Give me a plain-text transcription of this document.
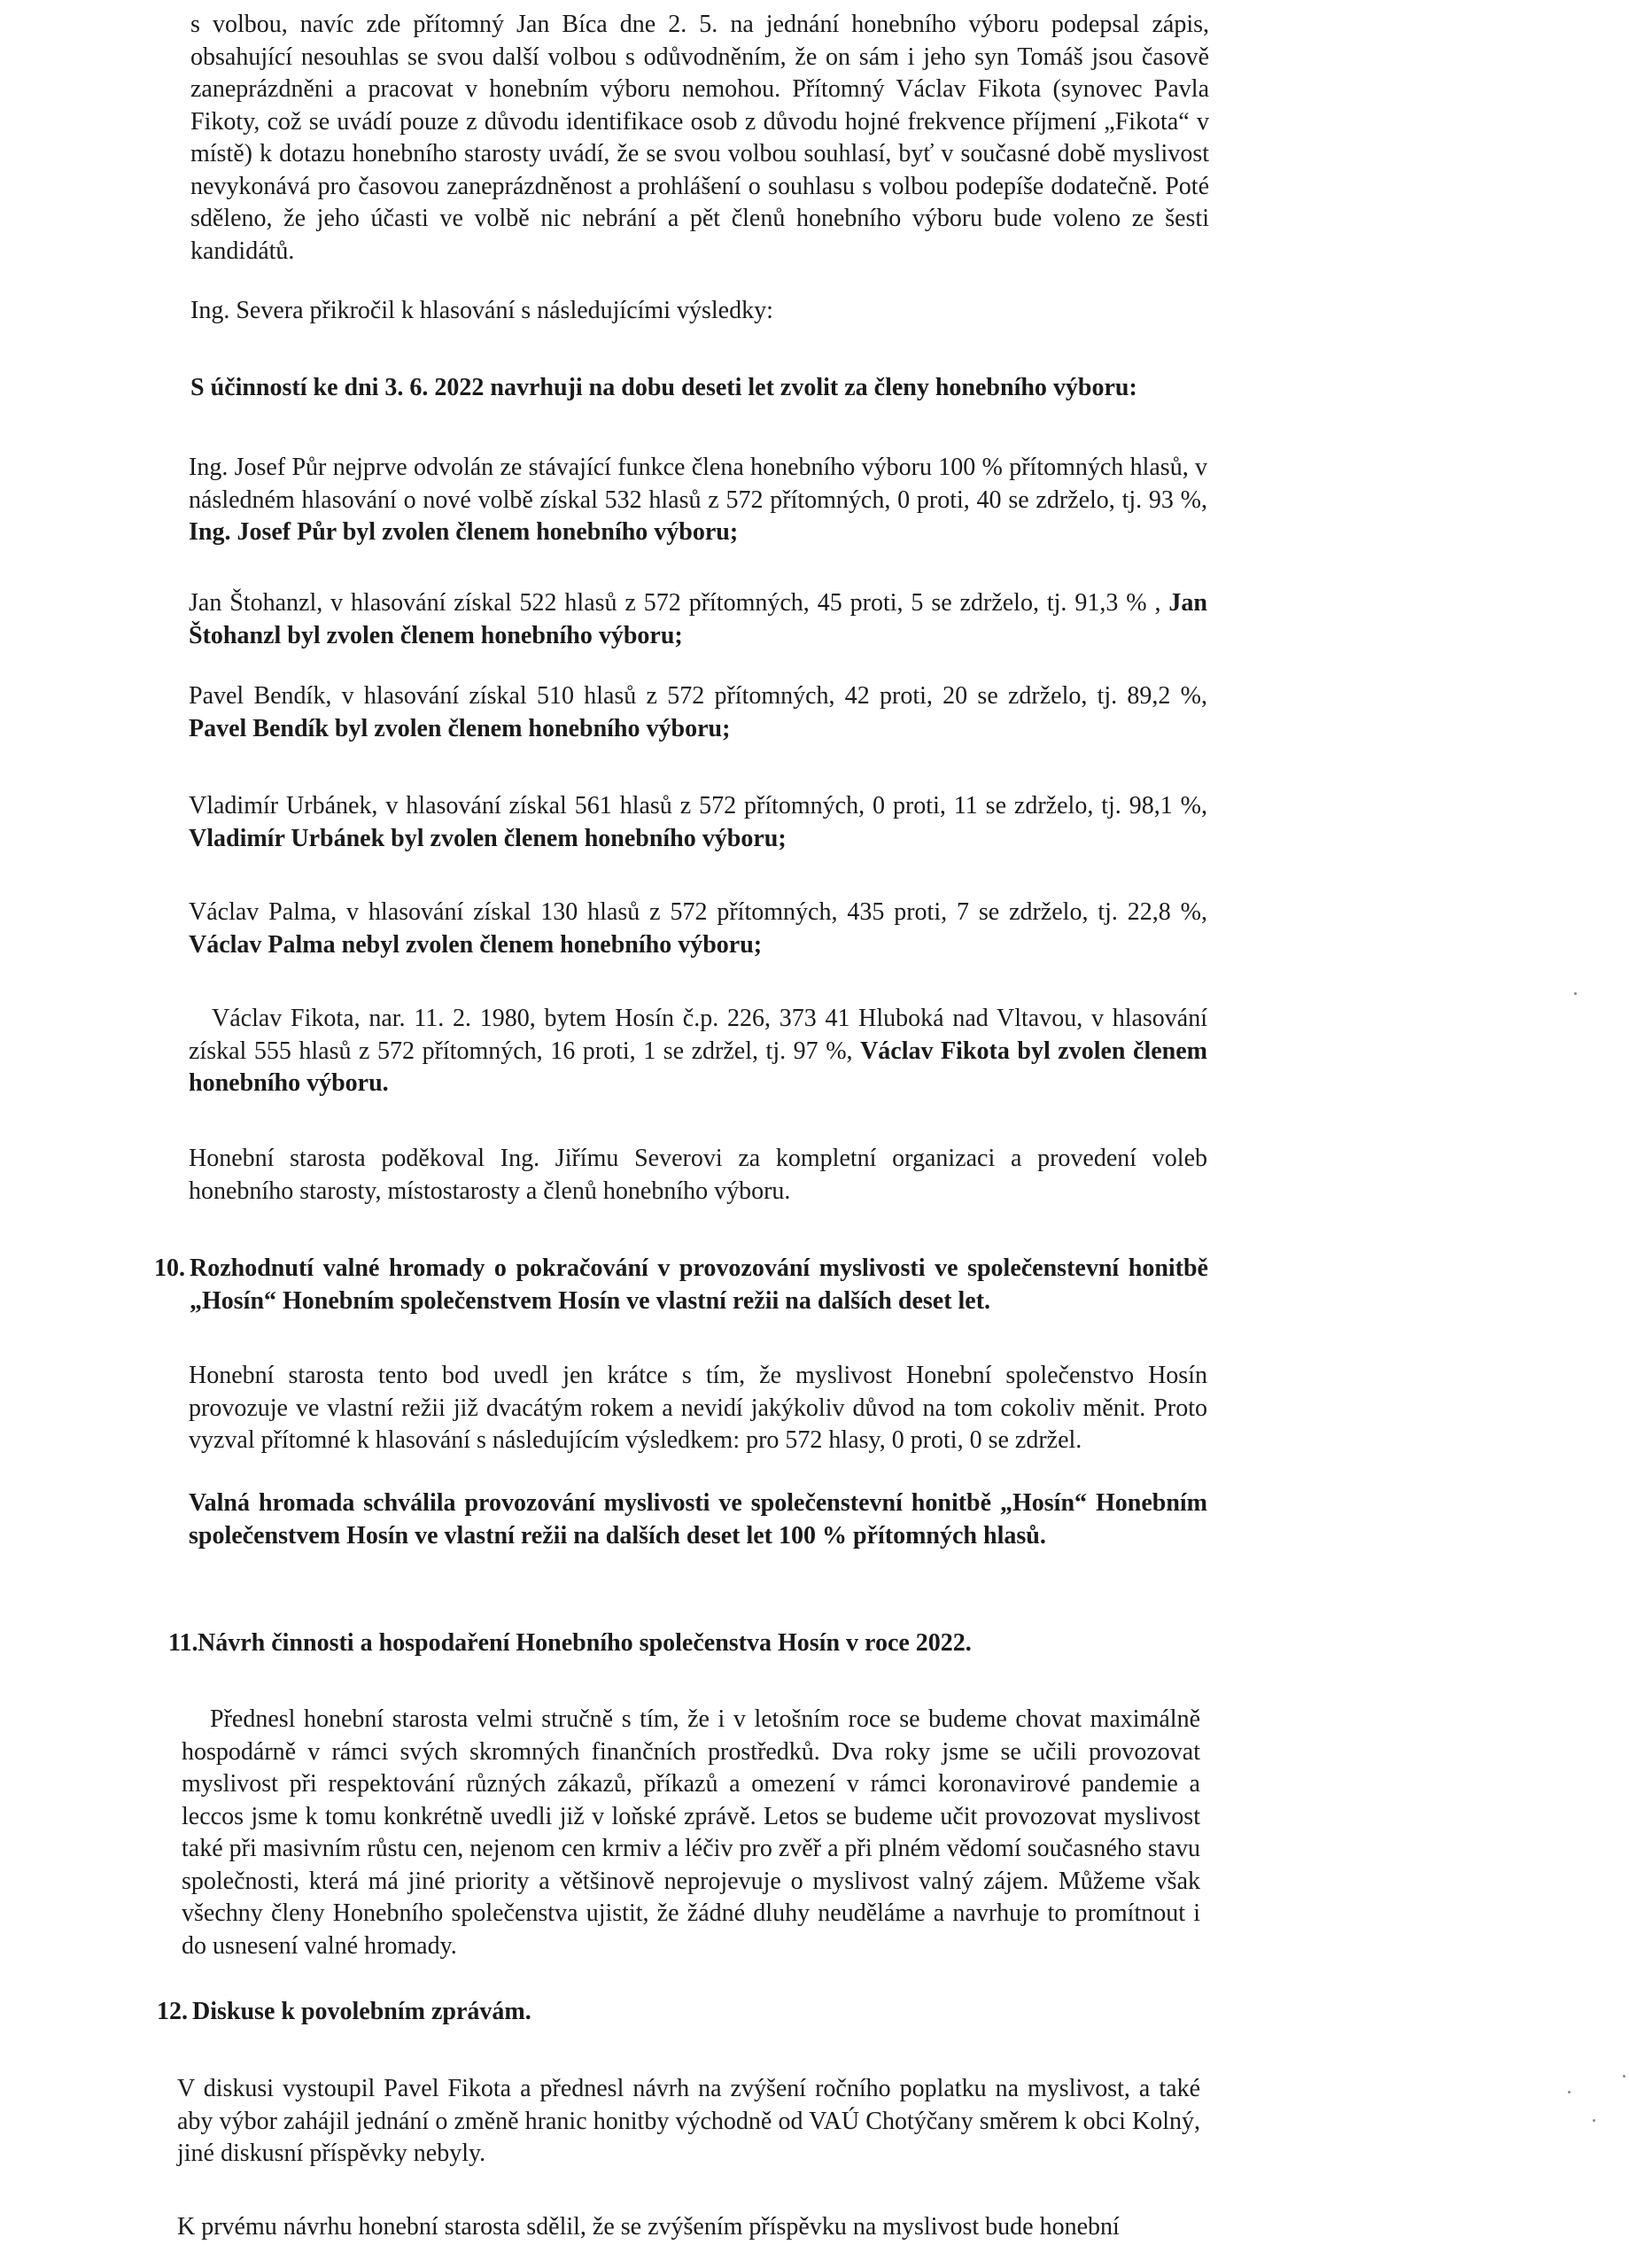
s volbou, navíc zde přítomný Jan Bíca dne 2. 5. na jednání honebního výboru podepsal zápis, obsahující nesouhlas se svou další volbou s odůvodněním, že on sám i jeho syn Tomáš jsou časově zaneprázdněni a pracovat v honebním výboru nemohou. Přítomný Václav Fikota (synovec Pavla Fikoty, což se uvádí pouze z důvodu identifikace osob z důvodu hojné frekvence příjmení „Fikota“ v místě) k dotazu honebního starosty uvádí, že se svou volbou souhlasí, byť v současné době myslivost nevykonává pro časovou zaneprázdněnost a prohlášení o souhlasu s volbou podepíše dodatečně. Poté sděleno, že jeho účasti ve volbě nic nebrání a pět členů honebního výboru bude voleno ze šesti kandidátů.

Ing. Severa přikročil k hlasování s následujícími výsledky:

S účinností ke dni 3. 6. 2022 navrhuji na dobu deseti let zvolit za členy honebního výboru:

Ing. Josef Půr nejprve odvolán ze stávající funkce člena honebního výboru 100 % přítomných hlasů, v následném hlasování o nové volbě získal 532 hlasů z 572 přítomných, 0 proti, 40 se zdrželo, tj. 93 %, Ing. Josef Půr byl zvolen členem honebního výboru;

Jan Štohanzl, v hlasování získal 522 hlasů z 572 přítomných, 45 proti, 5 se zdrželo, tj. 91,3 % , Jan Štohanzl byl zvolen členem honebního výboru;

Pavel Bendík, v hlasování získal 510 hlasů z 572 přítomných, 42 proti, 20 se zdrželo, tj. 89,2 %, Pavel Bendík byl zvolen členem honebního výboru;

Vladimír Urbánek, v hlasování získal 561 hlasů z 572 přítomných, 0 proti, 11 se zdrželo, tj. 98,1 %, Vladimír Urbánek byl zvolen členem honebního výboru;

Václav Palma, v hlasování získal 130 hlasů z 572 přítomných, 435 proti, 7 se zdrželo, tj. 22,8 %, Václav Palma nebyl zvolen členem honebního výboru;

Václav Fikota, nar. 11. 2. 1980, bytem Hosín č.p. 226, 373 41 Hluboká nad Vltavou, v hlasování získal 555 hlasů z 572 přítomných, 16 proti, 1 se zdržel, tj. 97 %, Václav Fikota byl zvolen členem honebního výboru.

Honební starosta poděkoval Ing. Jiřímu Severovi za kompletní organizaci a provedení voleb honebního starosty, místostarosty a členů honebního výboru.

10. Rozhodnutí valné hromady o pokračování v provozování myslivosti ve společenstevní honitbě „Hosín“ Honebním společenstvem Hosín ve vlastní režii na dalších deset let.

Honební starosta tento bod uvedl jen krátce s tím, že myslivost Honební společenstvo Hosín provozuje ve vlastní režii již dvacátým rokem a nevidí jakýkoliv důvod na tom cokoliv měnit. Proto vyzval přítomné k hlasování s následujícím výsledkem: pro 572 hlasy, 0 proti, 0 se zdržel.

Valná hromada schválila provozování myslivosti ve společenstevní honitbě „Hosín“ Honebním společenstvem Hosín ve vlastní režii na dalších deset let 100 % přítomných hlasů.

11. Návrh činnosti a hospodaření Honebního společenstva Hosín v roce 2022.

Přednesl honební starosta velmi stručně s tím, že i v letošním roce se budeme chovat maximálně hospodárně v rámci svých skromných finančních prostředků. Dva roky jsme se učili provozovat myslivost při respektování různých zákazů, příkazů a omezení v rámci koronavirové pandemie a leccos jsme k tomu konkrétně uvedli již v loňské zprávě. Letos se budeme učit provozovat myslivost také při masivním růstu cen, nejenom cen krmiv a léčiv pro zvěř a při plném vědomí současného stavu společnosti, která má jiné priority a většinově neprojevuje o myslivost valný zájem. Můžeme však všechny členy Honebního společenstva ujistit, že žádné dluhy neuděláme a navrhuje to promítnout i do usnesení valné hromady.

12. Diskuse k povolebním zprávám.

V diskusi vystoupil Pavel Fikota a přednesl návrh na zvýšení ročního poplatku na myslivost, a také aby výbor zahájil jednání o změně hranic honitby východně od VAÚ Chotýčany směrem k obci Kolný, jiné diskusní příspěvky nebyly.

K prvému návrhu honební starosta sdělil, že se zvýšením příspěvku na myslivost bude honební
